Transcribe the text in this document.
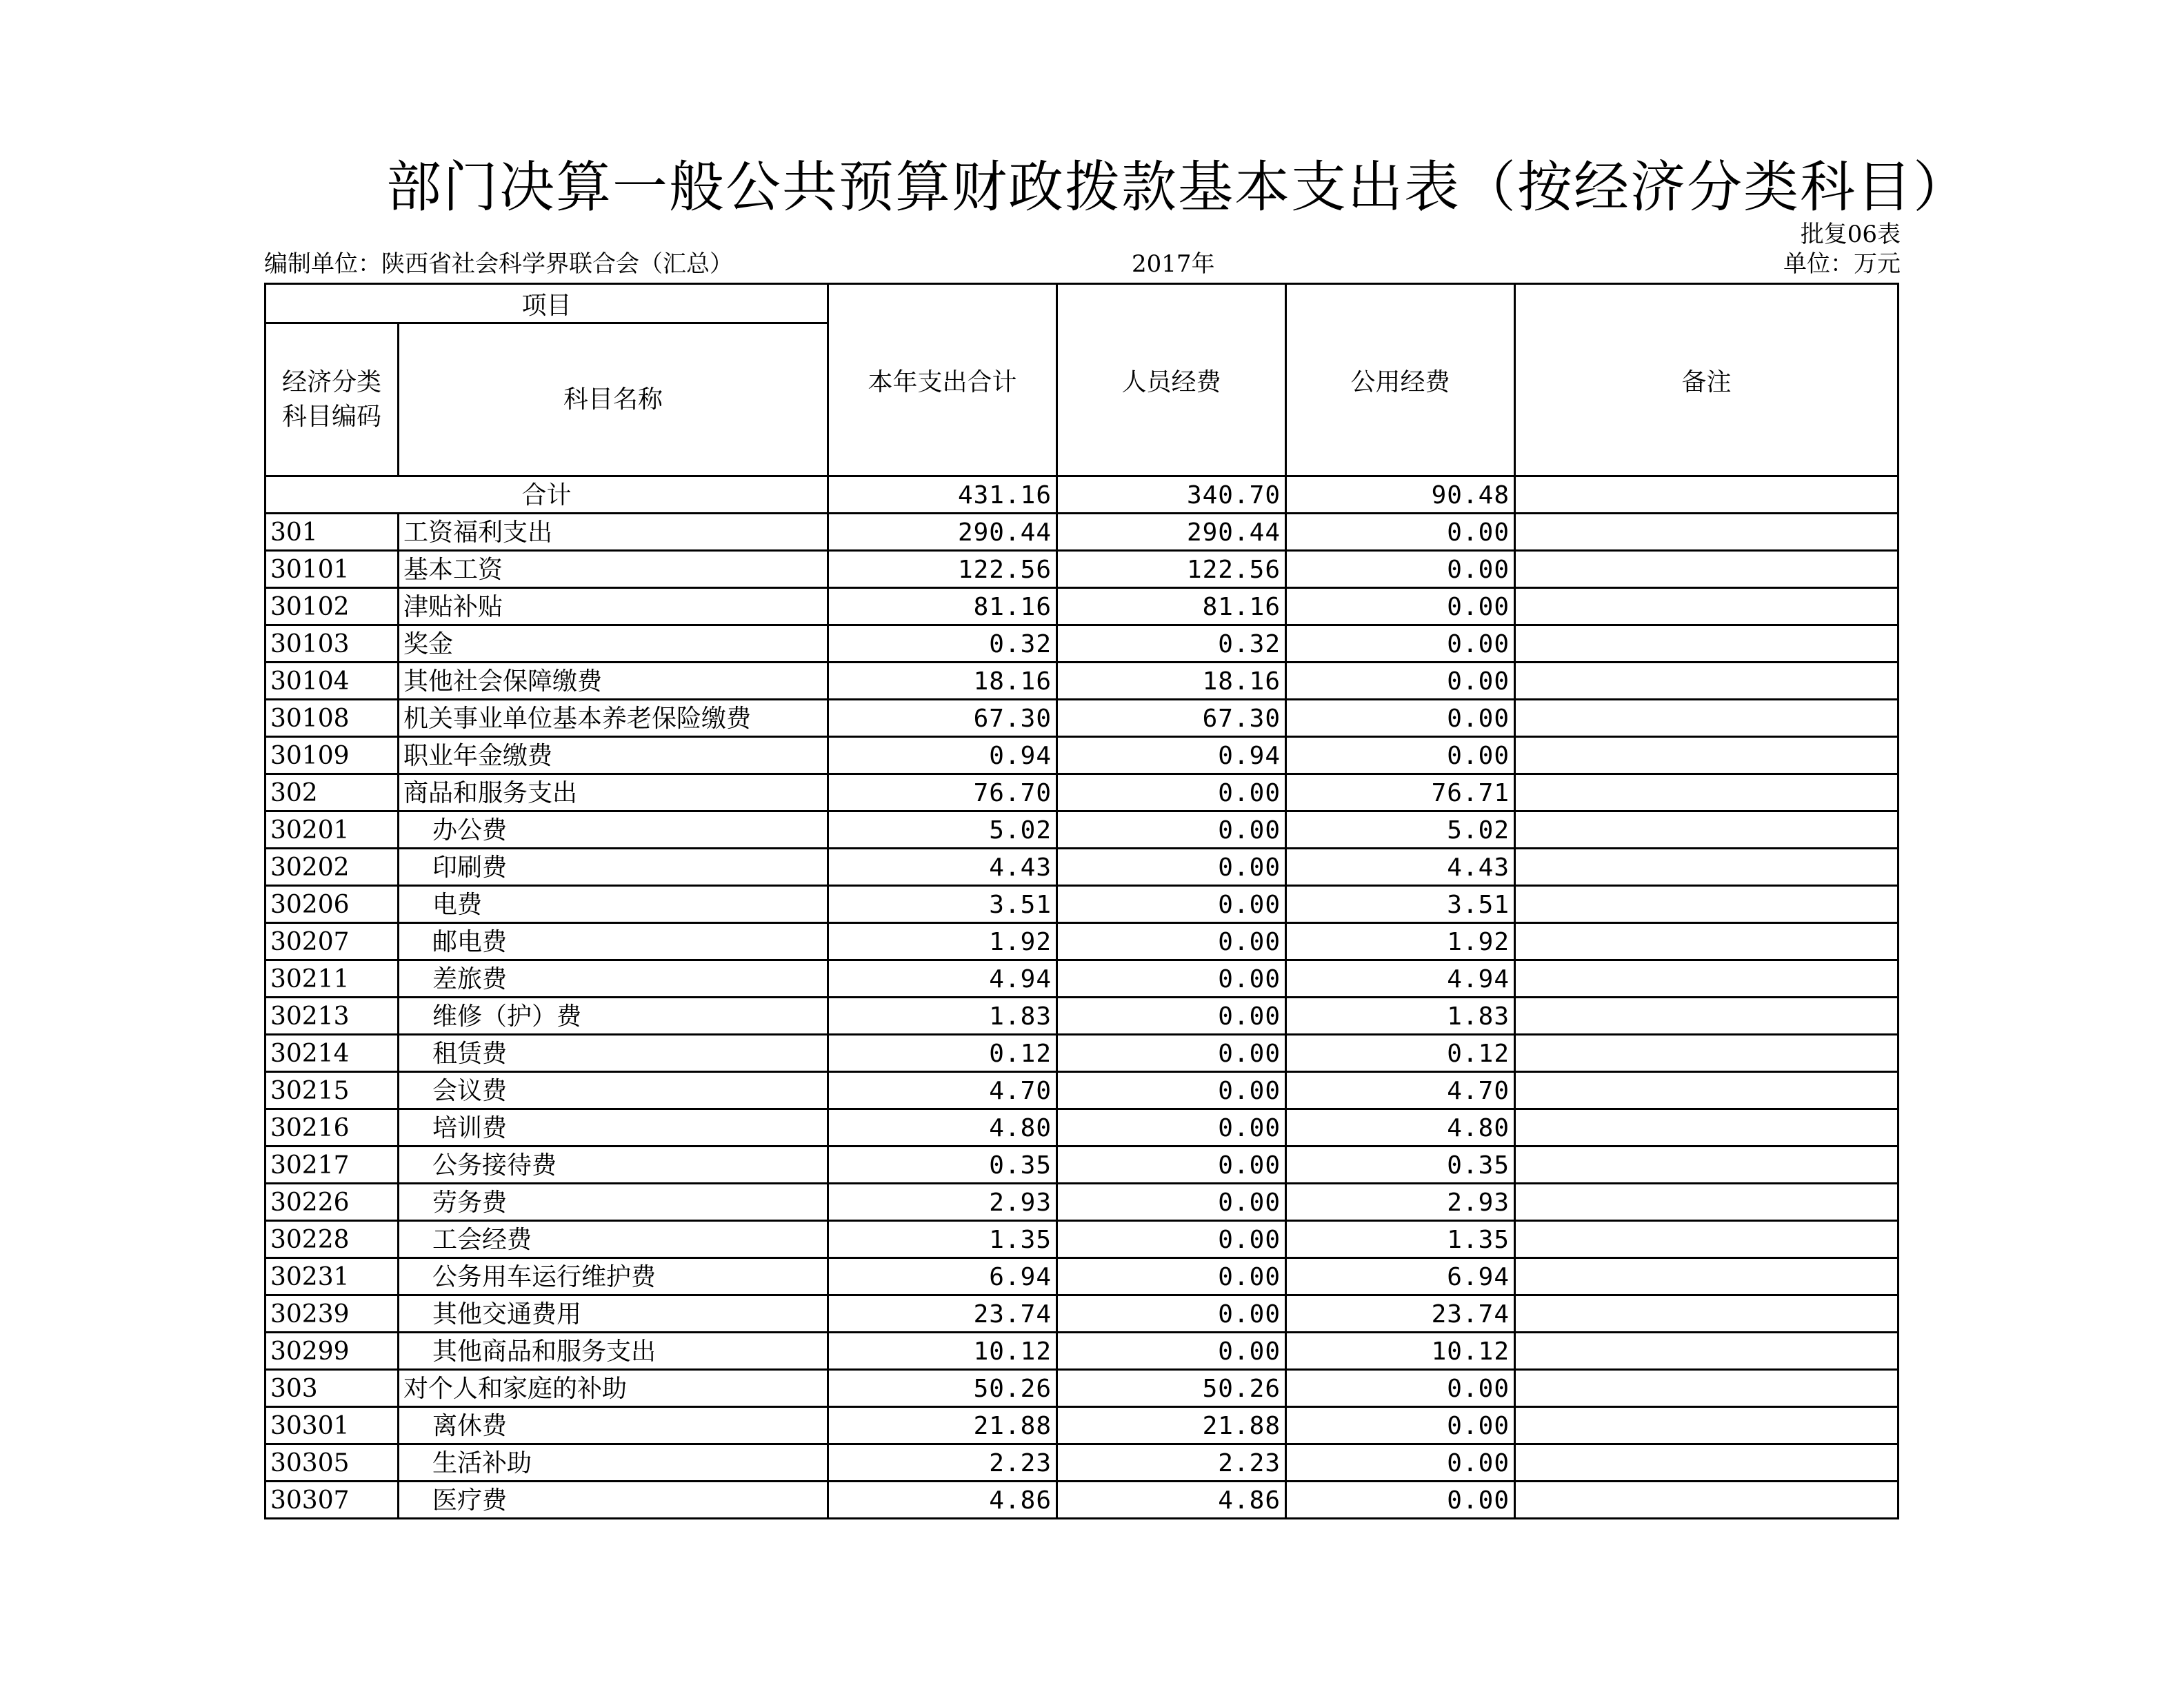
部门决算一般公共预算财政拨款基本支出表（按经济分类科目）
批复06表
编制单位：陕西省社会科学界联合会（汇总）	2017年	单位：万元
项目		本年支出合计	人员经费	公用经费	备注
经济分类
科目编码	科目名称				
合计		431.16	340.70	90.48	
301	工资福利支出	290.44	290.44	0.00	
30101	基本工资	122.56	122.56	0.00	
30102	津贴补贴	81.16	81.16	0.00	
30103	奖金	0.32	0.32	0.00	
30104	其他社会保障缴费	18.16	18.16	0.00	
30108	机关事业单位基本养老保险缴费	67.30	67.30	0.00	
30109	职业年金缴费	0.94	0.94	0.00	
302	商品和服务支出	76.70	0.00	76.71	
30201	办公费	5.02	0.00	5.02	
30202	印刷费	4.43	0.00	4.43	
30206	电费	3.51	0.00	3.51	
30207	邮电费	1.92	0.00	1.92	
30211	差旅费	4.94	0.00	4.94	
30213	维修（护）费	1.83	0.00	1.83	
30214	租赁费	0.12	0.00	0.12	
30215	会议费	4.70	0.00	4.70	
30216	培训费	4.80	0.00	4.80	
30217	公务接待费	0.35	0.00	0.35	
30226	劳务费	2.93	0.00	2.93	
30228	工会经费	1.35	0.00	1.35	
30231	公务用车运行维护费	6.94	0.00	6.94	
30239	其他交通费用	23.74	0.00	23.74	
30299	其他商品和服务支出	10.12	0.00	10.12	
303	对个人和家庭的补助	50.26	50.26	0.00	
30301	离休费	21.88	21.88	0.00	
30305	生活补助	2.23	2.23	0.00	
30307	医疗费	4.86	4.86	0.00	
